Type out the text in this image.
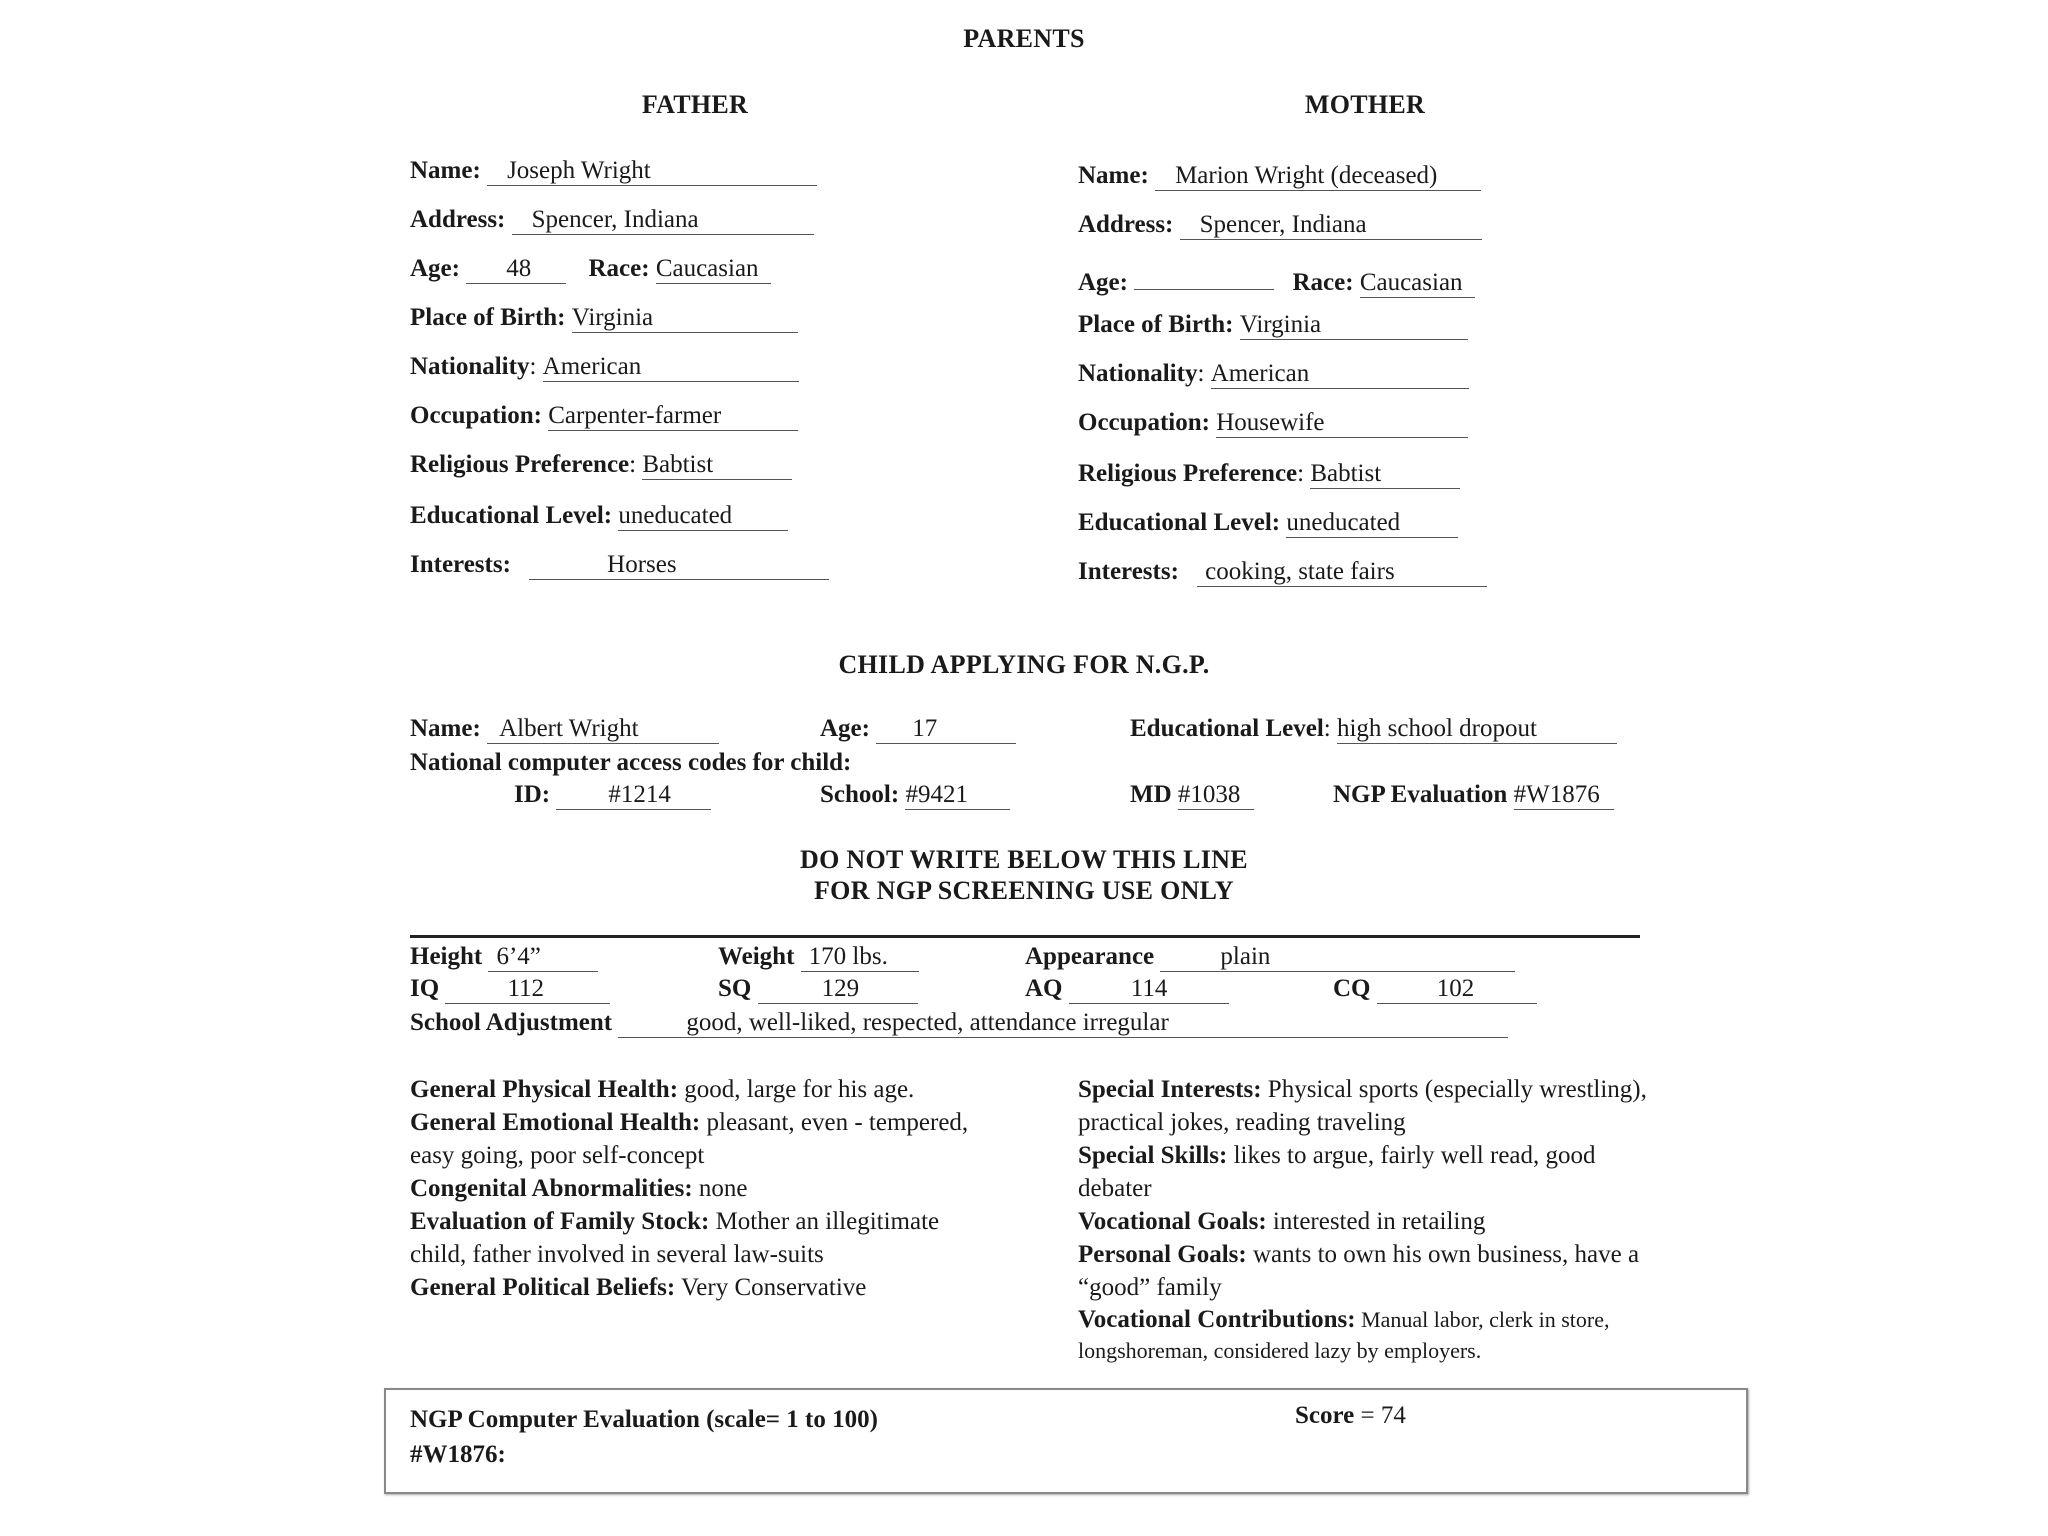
PARENTS
FATHER
Name: Joseph Wright
Address: Spencer, Indiana
Age: 48 Race: Caucasian
Place of Birth: Virginia
Nationality: American
Occupation: Carpenter-farmer
Religious Preference: Babtist
Educational Level: uneducated
Interests:	Horses
MOTHER
Name: Marion Wright (deceased)
Address: Spencer, Indiana
Age:	Race: Caucasian
Place of Birth: Virginia
Nationality: American
Occupation: Housewife
Religious Preference: Babtist
Educational Level: uneducated
Interests: cooking, state fairs
CHILD APPLYING FOR N.G.P.
Name: Albert Wright	Age: 17	Educational Level: high school dropout
National computer access codes for child:
ID: #1214	School: #9421	MD #1038	NGP Evaluation #W1876
DO NOT WRITE BELOW THIS LINE
FOR NGP SCREENING USE ONLY
Height 6’4”	Weight 170 lbs.	Appearance	plain
IQ	112	SQ	129	AQ	114	CQ	102
School Adjustment	good, well-liked, respected, attendance irregular
General Physical Health: good, large for his age.
General Emotional Health: pleasant, even - tempered, easy going, poor self-concept
Congenital Abnormalities: none
Evaluation of Family Stock: Mother an illegitimate child, father involved in several law-suits
General Political Beliefs: Very Conservative
Special Interests: Physical sports (especially wrestling), practical jokes, reading traveling
Special Skills: likes to argue, fairly well read, good debater
Vocational Goals: interested in retailing
Personal Goals: wants to own his own business, have a “good” family
Vocational Contributions: Manual labor, clerk in store, longshoreman, considered lazy by employers.
NGP Computer Evaluation (scale= 1 to 100)
#W1876:
Score = 74
